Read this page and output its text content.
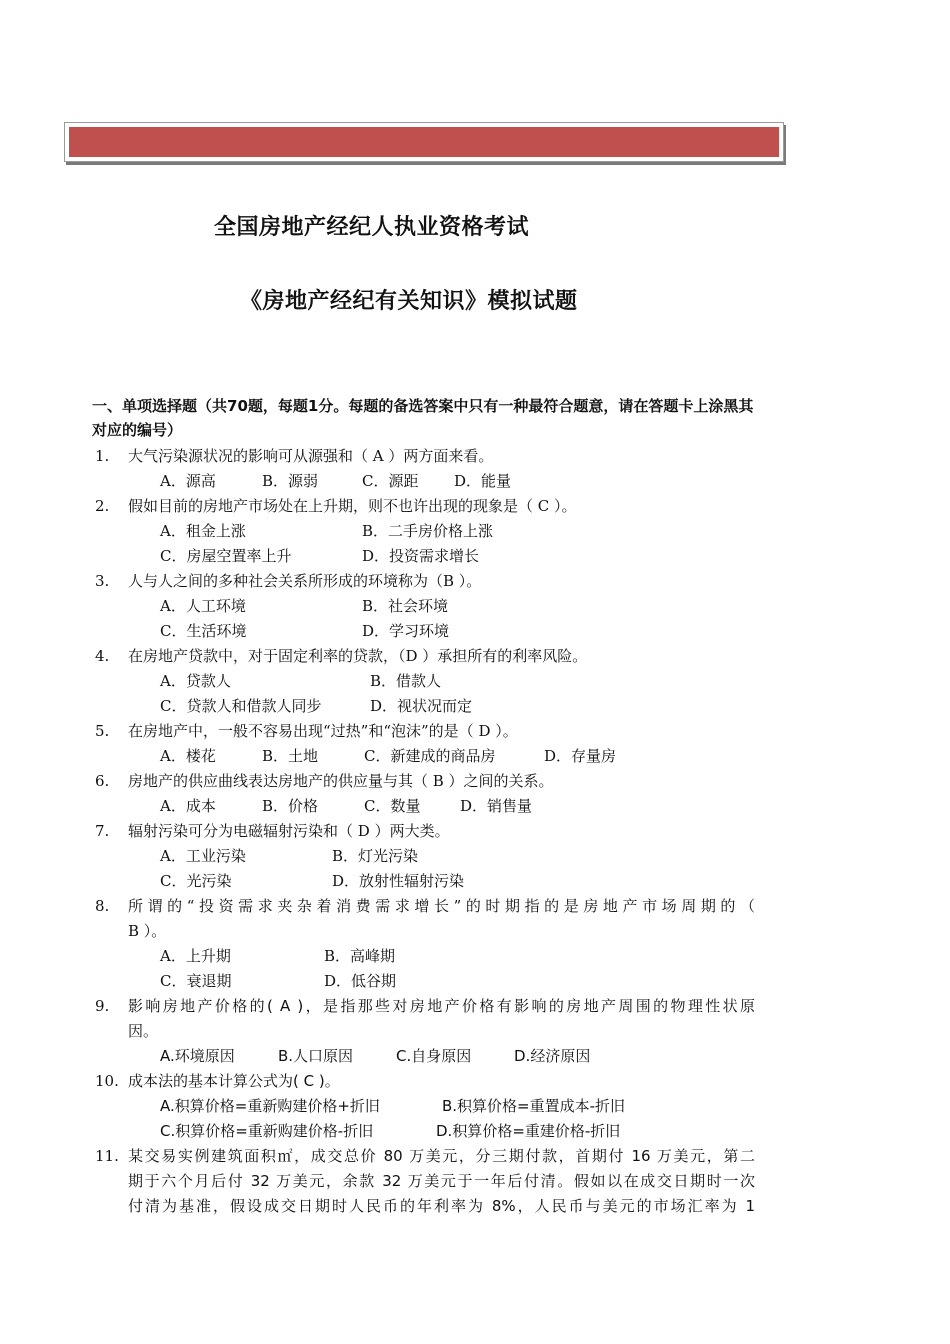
全国房地产经纪人执业资格考试
《房地产经纪有关知识》模拟试题
一、单项选择题（共70题，每题1分。每题的备选答案中只有一种最符合题意，请在答题卡上涂黑其对应的编号）
1. 大气污染源状况的影响可从源强和（ A ）两方面来看。
A．源高	B．源弱	C．源距 D．能量
2. 假如目前的房地产市场处在上升期，则不也许出现的现象是（ C ）。
A．租金上涨	B．二手房价格上涨
C．房屋空置率上升	D．投资需求增长
3. 人与人之间的多种社会关系所形成的环境称为（B ）。
A．人工环境	B．社会环境
C．生活环境	D．学习环境
4. 在房地产贷款中，对于固定利率的贷款，（D ）承担所有的利率风险。
A．贷款人	B．借款人
C．贷款人和借款人同步	D．视状况而定
5. 在房地产中，一般不容易出现“过热”和“泡沫”的是（ D ）。
A．楼花	B．土地	C．新建成的商品房	D．存量房
6. 房地产的供应曲线表达房地产的供应量与其（ B ）之间的关系。
A．成本	B．价格	C．数量	D．销售量
7. 辐射污染可分为电磁辐射污染和（ D ）两大类。
A．工业污染	B．灯光污染
C．光污染	D．放射性辐射污染
8. 所谓的“投资需求夹杂着消费需求增长”的时期指的是房地产市场周期的（
B ）。
A．上升期	B．高峰期
C．衰退期	D．低谷期
9. 影响房地产价格的( A )，是指那些对房地产价格有影响的房地产周围的物理性状原
因。
A.环境原因	B.人口原因	C.自身原因	D.经济原因
10. 成本法的基本计算公式为( C )。
A.积算价格=重新购建价格+折旧	B.积算价格=重置成本-折旧
C.积算价格=重新购建价格-折旧	D.积算价格=重建价格-折旧
11. 某交易实例建筑面积㎡，成交总价 80 万美元，分三期付款，首期付 16 万美元，第二
期于六个月后付 32 万美元，余款 32 万美元于一年后付清。假如以在成交日期时一次
付清为基准，假设成交日期时人民币的年利率为 8%，人民币与美元的市场汇率为 1
